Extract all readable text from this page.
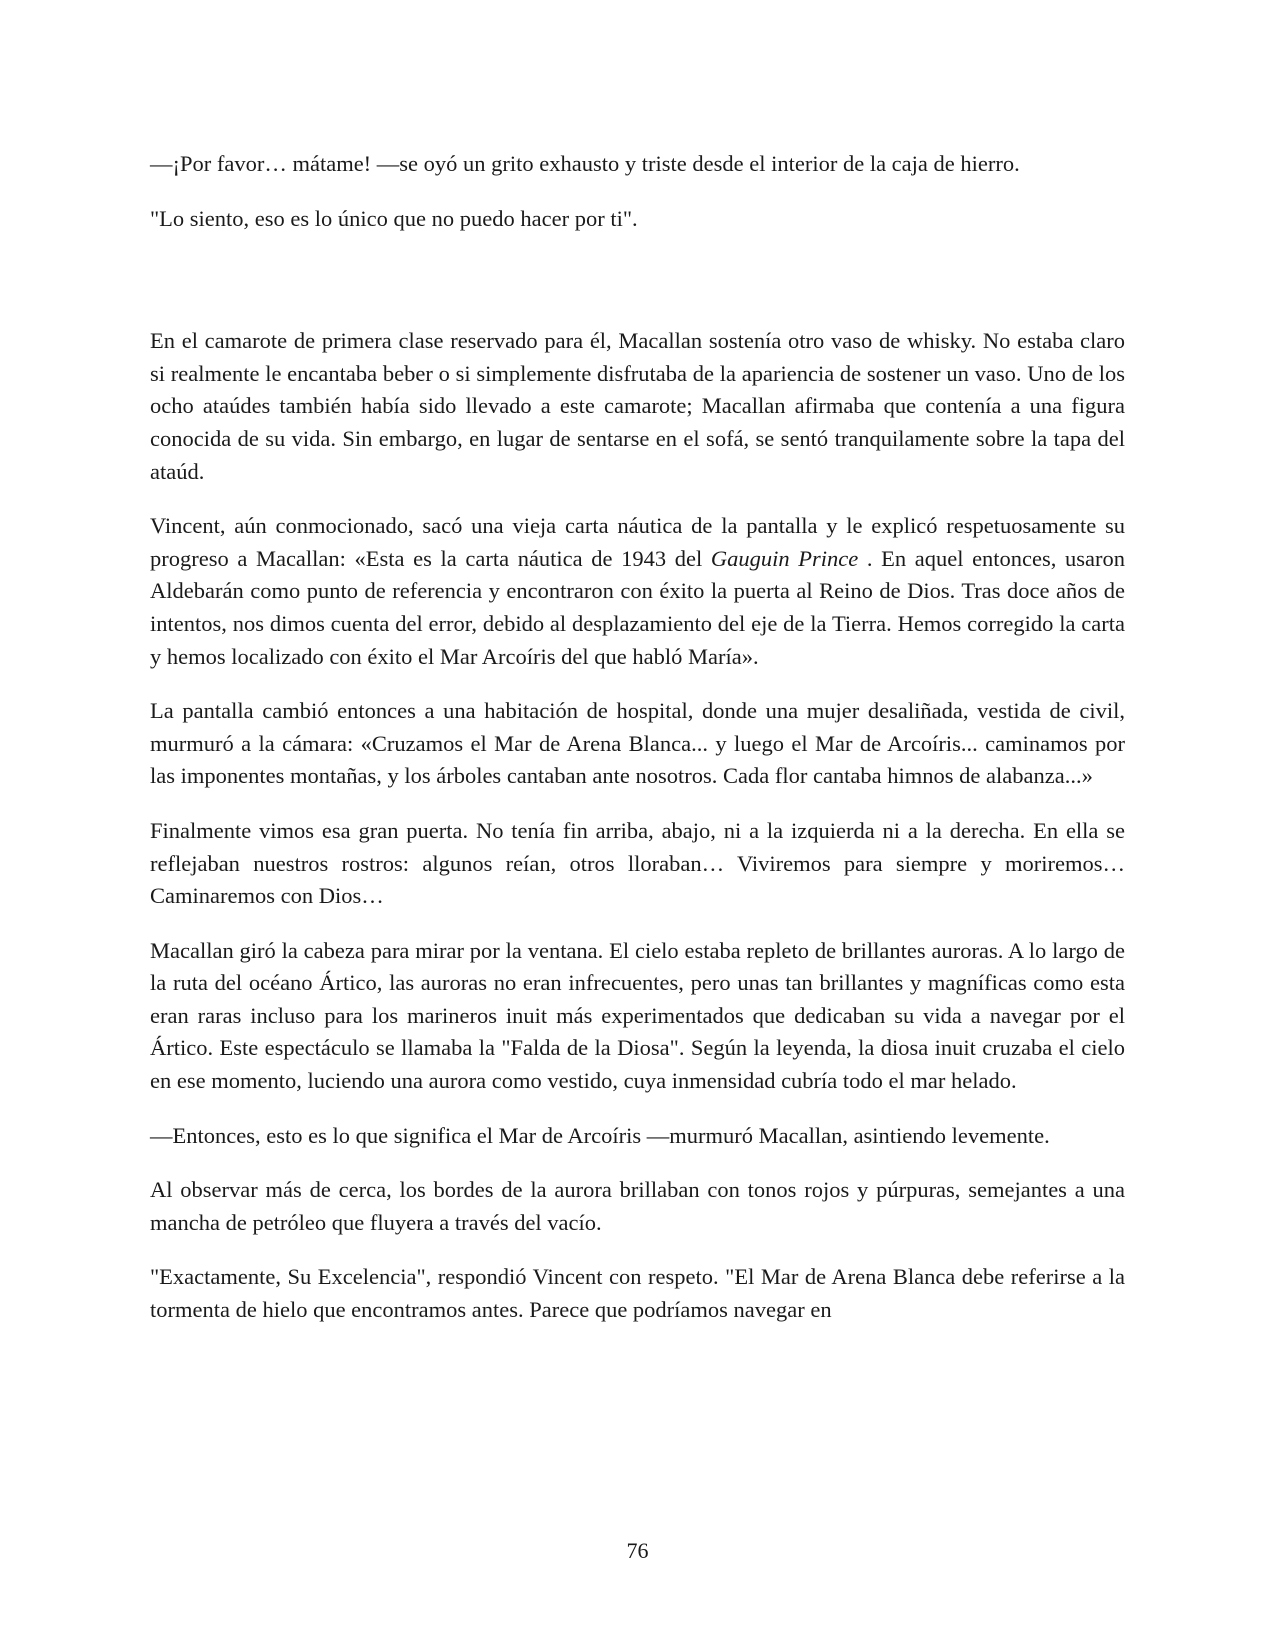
—¡Por favor… mátame! —se oyó un grito exhausto y triste desde el interior de la caja de hierro.

"Lo siento, eso es lo único que no puedo hacer por ti".

En el camarote de primera clase reservado para él, Macallan sostenía otro vaso de whisky. No estaba claro si realmente le encantaba beber o si simplemente disfrutaba de la apariencia de sostener un vaso. Uno de los ocho ataúdes también había sido llevado a este camarote; Macallan afirmaba que contenía a una figura conocida de su vida. Sin embargo, en lugar de sentarse en el sofá, se sentó tranquilamente sobre la tapa del ataúd.

Vincent, aún conmocionado, sacó una vieja carta náutica de la pantalla y le explicó respetuosamente su progreso a Macallan: «Esta es la carta náutica de 1943 del Gauguin Prince . En aquel entonces, usaron Aldebarán como punto de referencia y encontraron con éxito la puerta al Reino de Dios. Tras doce años de intentos, nos dimos cuenta del error, debido al desplazamiento del eje de la Tierra. Hemos corregido la carta y hemos localizado con éxito el Mar Arcoíris del que habló María».

La pantalla cambió entonces a una habitación de hospital, donde una mujer desaliñada, vestida de civil, murmuró a la cámara: «Cruzamos el Mar de Arena Blanca... y luego el Mar de Arcoíris... caminamos por las imponentes montañas, y los árboles cantaban ante nosotros. Cada flor cantaba himnos de alabanza...»

Finalmente vimos esa gran puerta. No tenía fin arriba, abajo, ni a la izquierda ni a la derecha. En ella se reflejaban nuestros rostros: algunos reían, otros lloraban… Viviremos para siempre y moriremos… Caminaremos con Dios…

Macallan giró la cabeza para mirar por la ventana. El cielo estaba repleto de brillantes auroras. A lo largo de la ruta del océano Ártico, las auroras no eran infrecuentes, pero unas tan brillantes y magníficas como esta eran raras incluso para los marineros inuit más experimentados que dedicaban su vida a navegar por el Ártico. Este espectáculo se llamaba la "Falda de la Diosa". Según la leyenda, la diosa inuit cruzaba el cielo en ese momento, luciendo una aurora como vestido, cuya inmensidad cubría todo el mar helado.

—Entonces, esto es lo que significa el Mar de Arcoíris —murmuró Macallan, asintiendo levemente.

Al observar más de cerca, los bordes de la aurora brillaban con tonos rojos y púrpuras, semejantes a una mancha de petróleo que fluyera a través del vacío.

"Exactamente, Su Excelencia", respondió Vincent con respeto. "El Mar de Arena Blanca debe referirse a la tormenta de hielo que encontramos antes. Parece que podríamos navegar en

76
